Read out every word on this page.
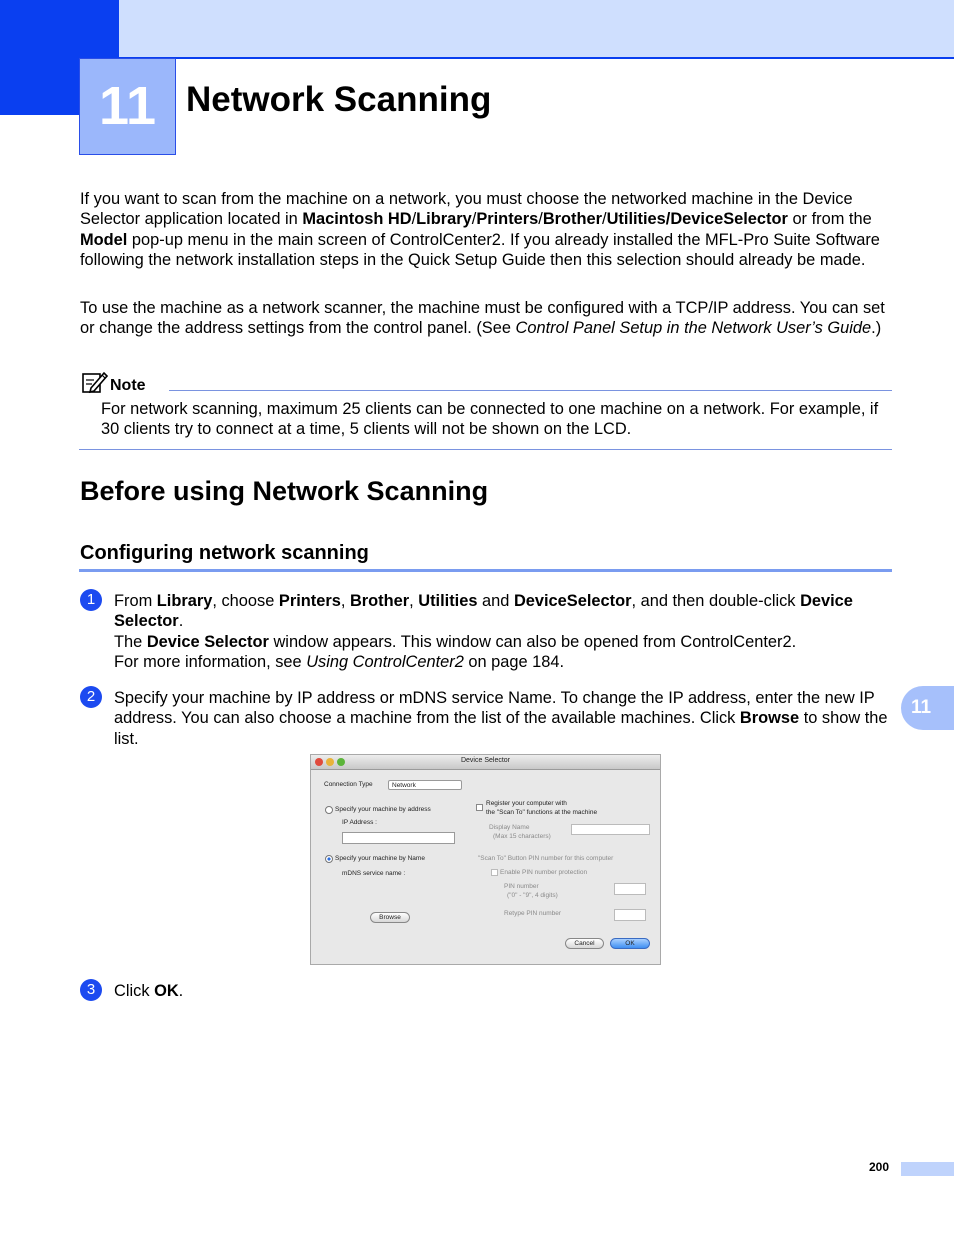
11 Network Scanning

If you want to scan from the machine on a network, you must choose the networked machine in the Device Selector application located in Macintosh HD/Library/Printers/Brother/Utilities/DeviceSelector or from the Model pop-up menu in the main screen of ControlCenter2. If you already installed the MFL-Pro Suite Software following the network installation steps in the Quick Setup Guide then this selection should already be made.

To use the machine as a network scanner, the machine must be configured with a TCP/IP address. You can set or change the address settings from the control panel. (See Control Panel Setup in the Network User’s Guide.)

Note

For network scanning, maximum 25 clients can be connected to one machine on a network. For example, if 30 clients try to connect at a time, 5 clients will not be shown on the LCD.

Before using Network Scanning
Configuring network scanning
1	From Library, choose Printers, Brother, Utilities and DeviceSelector, and then double-click Device Selector.
The Device Selector window appears. This window can also be opened from ControlCenter2.
For more information, see Using ControlCenter2 on page 184.

2	Specify your machine by IP address or mDNS service Name. To change the IP address, enter the new IP address. You can also choose a machine from the list of the available machines. Click Browse to show the list.

Device Selector
Connection Type	Network
Specify your machine by address
IP Address :
Specify your machine by Name
mDNS service name :
Browse
Register your computer with
the "Scan To" functions at the machine
Display Name
(Max 15 characters)
"Scan To" Button PIN number for this computer
Enable PIN number protection
PIN number
("0" - "9", 4 digits)
Retype PIN number
Cancel	OK
3	Click OK.

11
200
